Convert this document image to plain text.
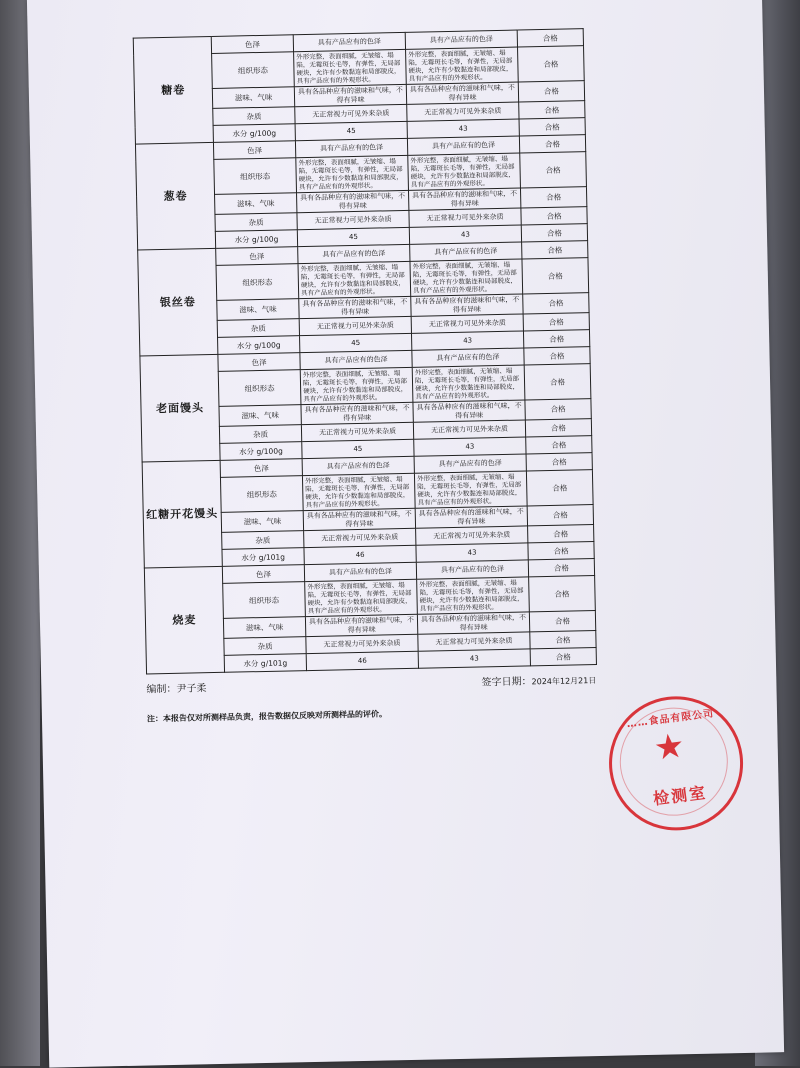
糖卷	色泽	具有产品应有的色泽	具有产品应有的色泽	合格
	组织形态	外形完整，表面细腻，无皱缩、塌陷，无霉斑长毛等，有弹性，无局部硬块，允许有少数黏连和局部脱皮，具有产品应有的外观形状。	外形完整，表面细腻，无皱缩、塌陷，无霉斑长毛等，有弹性，无局部硬块，允许有少数黏连和局部脱皮，具有产品应有的外观形状。	合格
	滋味、气味	具有各品种应有的滋味和气味，不得有异味	具有各品种应有的滋味和气味，不得有异味	合格
	杂质	无正常视力可见外来杂质	无正常视力可见外来杂质	合格
	水分 g/100g	45	43	合格
葱卷	色泽	具有产品应有的色泽	具有产品应有的色泽	合格
	组织形态	外形完整，表面细腻，无皱缩、塌陷，无霉斑长毛等，有弹性，无局部硬块，允许有少数黏连和局部脱皮，具有产品应有的外观形状。	外形完整，表面细腻，无皱缩、塌陷，无霉斑长毛等，有弹性，无局部硬块，允许有少数黏连和局部脱皮，具有产品应有的外观形状。	合格
	滋味、气味	具有各品种应有的滋味和气味，不得有异味	具有各品种应有的滋味和气味，不得有异味	合格
	杂质	无正常视力可见外来杂质	无正常视力可见外来杂质	合格
	水分 g/100g	45	43	合格
银丝卷	色泽	具有产品应有的色泽	具有产品应有的色泽	合格
	组织形态	外形完整，表面细腻，无皱缩、塌陷，无霉斑长毛等，有弹性，无局部硬块，允许有少数黏连和局部脱皮，具有产品应有的外观形状。	外形完整，表面细腻，无皱缩、塌陷，无霉斑长毛等，有弹性，无局部硬块，允许有少数黏连和局部脱皮，具有产品应有的外观形状。	合格
	滋味、气味	具有各品种应有的滋味和气味，不得有异味	具有各品种应有的滋味和气味，不得有异味	合格
	杂质	无正常视力可见外来杂质	无正常视力可见外来杂质	合格
	水分 g/100g	45	43	合格
老面馒头	色泽	具有产品应有的色泽	具有产品应有的色泽	合格
	组织形态	外形完整，表面细腻，无皱缩、塌陷，无霉斑长毛等，有弹性，无局部硬块，允许有少数黏连和局部脱皮，具有产品应有的外观形状。	外形完整，表面细腻，无皱缩、塌陷，无霉斑长毛等，有弹性，无局部硬块，允许有少数黏连和局部脱皮，具有产品应有的外观形状。	合格
	滋味、气味	具有各品种应有的滋味和气味，不得有异味	具有各品种应有的滋味和气味，不得有异味	合格
	杂质	无正常视力可见外来杂质	无正常视力可见外来杂质	合格
	水分 g/100g	45	43	合格
红糖开花馒头	色泽	具有产品应有的色泽	具有产品应有的色泽	合格
	组织形态	外形完整，表面细腻，无皱缩、塌陷，无霉斑长毛等，有弹性，无局部硬块，允许有少数黏连和局部脱皮，具有产品应有的外观形状。	外形完整，表面细腻，无皱缩、塌陷，无霉斑长毛等，有弹性，无局部硬块，允许有少数黏连和局部脱皮，具有产品应有的外观形状。	合格
	滋味、气味	具有各品种应有的滋味和气味，不得有异味	具有各品种应有的滋味和气味，不得有异味	合格
	杂质	无正常视力可见外来杂质	无正常视力可见外来杂质	合格
	水分 g/101g	46	43	合格
烧麦	色泽	具有产品应有的色泽	具有产品应有的色泽	合格
	组织形态	外形完整，表面细腻，无皱缩、塌陷，无霉斑长毛等，有弹性，无局部硬块，允许有少数黏连和局部脱皮，具有产品应有的外观形状。	外形完整，表面细腻，无皱缩、塌陷，无霉斑长毛等，有弹性，无局部硬块，允许有少数黏连和局部脱皮，具有产品应有的外观形状。	合格
	滋味、气味	具有各品种应有的滋味和气味，不得有异味	具有各品种应有的滋味和气味，不得有异味	合格
	杂质	无正常视力可见外来杂质	无正常视力可见外来杂质	合格
	水分 g/101g	46	43	合格
编制：尹子柔
签字日期：2024年12月21日
注：本报告仅对所测样品负责，报告数据仅反映对所测样品的评价。	……食品有限公司
★
检测室
